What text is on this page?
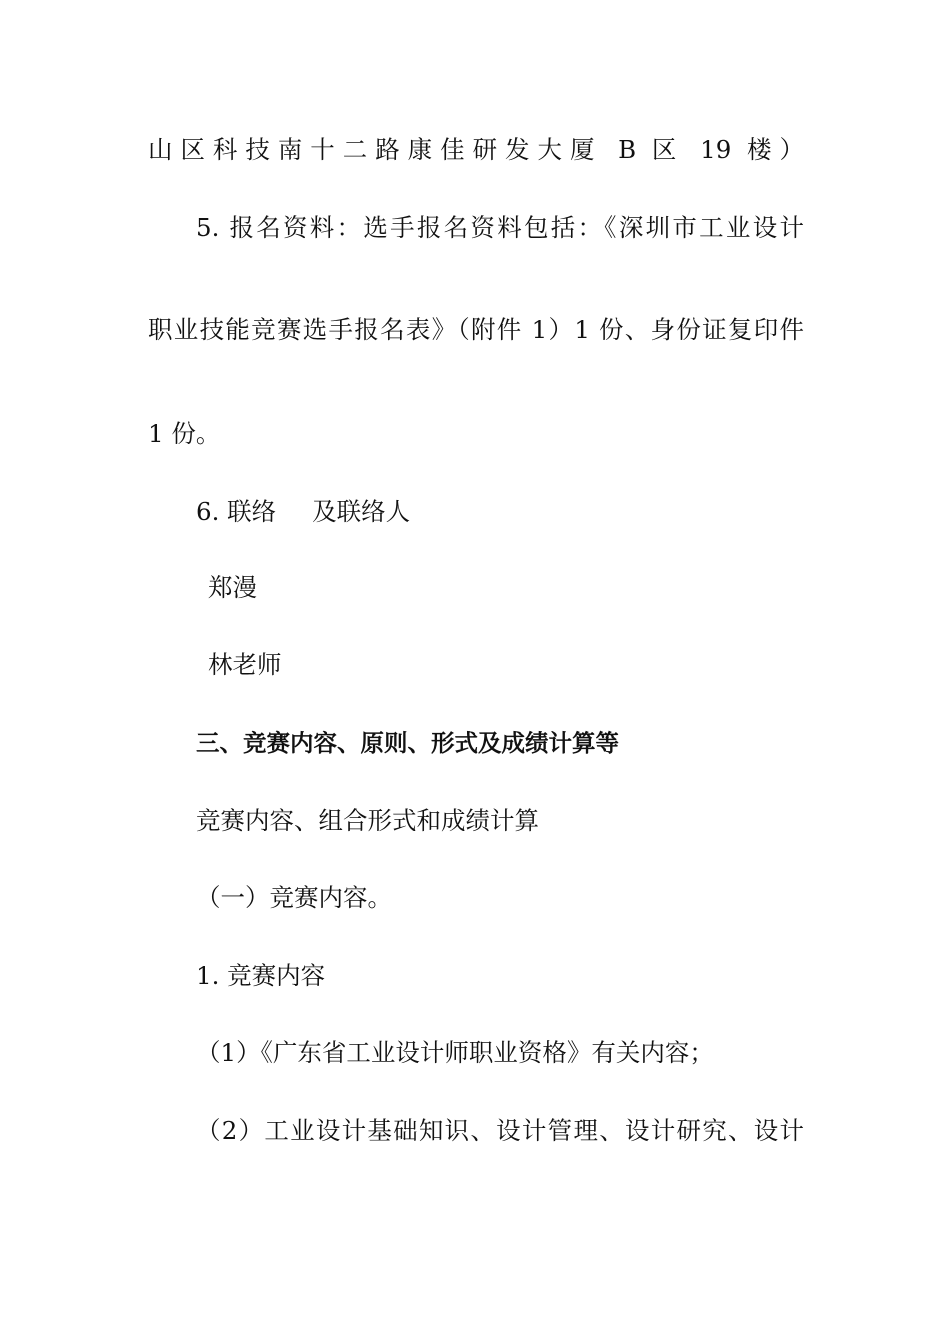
山区科技南十二路康佳研发大厦 B 区 19 楼）
5. 报名资料：选手报名资料包括：《深圳市工业设计
职业技能竞赛选手报名表》（附件 1）1 份、身份证复印件
1 份。
6. 联络 及联络人
郑漫
林老师
三、竞赛内容、原则、形式及成绩计算等
竞赛内容、组合形式和成绩计算
（一）竞赛内容。
1. 竞赛内容
（1）《广东省工业设计师职业资格》有关内容；
（2）工业设计基础知识、设计管理、设计研究、设计
